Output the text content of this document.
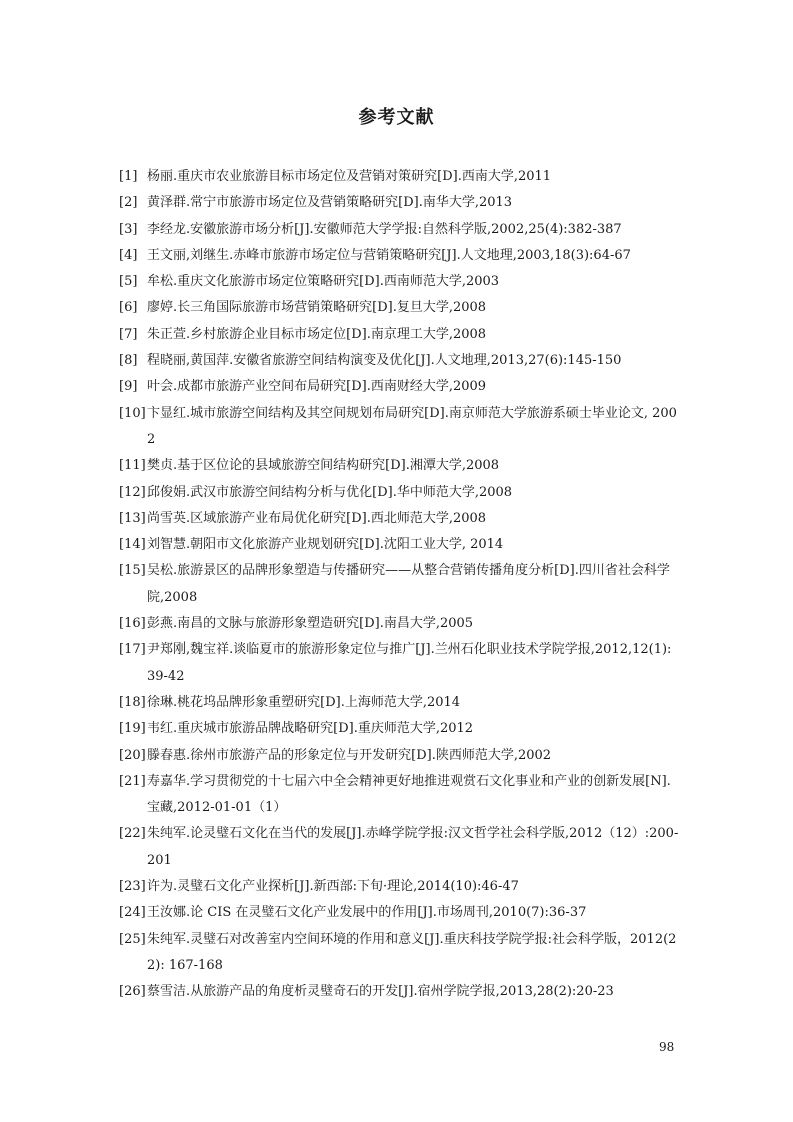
参考文献
[1] 杨丽.重庆市农业旅游目标市场定位及营销对策研究[D].西南大学,2011
[2] 黄泽群.常宁市旅游市场定位及营销策略研究[D].南华大学,2013
[3] 李经龙.安徽旅游市场分析[J].安徽师范大学学报:自然科学版,2002,25(4):382-387
[4] 王文丽,刘继生.赤峰市旅游市场定位与营销策略研究[J].人文地理,2003,18(3):64-67
[5] 牟松.重庆文化旅游市场定位策略研究[D].西南师范大学,2003
[6] 廖婷.长三角国际旅游市场营销策略研究[D].复旦大学,2008
[7] 朱正萱.乡村旅游企业目标市场定位[D].南京理工大学,2008
[8] 程晓丽,黄国萍.安徽省旅游空间结构演变及优化[J].人文地理,2013,27(6):145-150
[9] 叶会.成都市旅游产业空间布局研究[D].西南财经大学,2009
[10] 卞显红.城市旅游空间结构及其空间规划布局研究[D].南京师范大学旅游系硕士毕业论文, 2002
[11] 樊贞.基于区位论的县域旅游空间结构研究[D].湘潭大学,2008
[12] 邱俊娟.武汉市旅游空间结构分析与优化[D].华中师范大学,2008
[13] 尚雪英.区域旅游产业布局优化研究[D].西北师范大学,2008
[14] 刘智慧.朝阳市文化旅游产业规划研究[D].沈阳工业大学, 2014
[15] 吴松.旅游景区的品牌形象塑造与传播研究——从整合营销传播角度分析[D].四川省社会科学院,2008
[16] 彭燕.南昌的文脉与旅游形象塑造研究[D].南昌大学,2005
[17] 尹郑刚,魏宝祥.谈临夏市的旅游形象定位与推广[J].兰州石化职业技术学院学报,2012,12(1):39-42
[18] 徐琳.桃花坞品牌形象重塑研究[D].上海师范大学,2014
[19] 韦红.重庆城市旅游品牌战略研究[D].重庆师范大学,2012
[20] 滕春惠.徐州市旅游产品的形象定位与开发研究[D].陕西师范大学,2002
[21] 寿嘉华.学习贯彻党的十七届六中全会精神更好地推进观赏石文化事业和产业的创新发展[N].宝藏,2012-01-01（1）
[22] 朱纯军.论灵璧石文化在当代的发展[J].赤峰学院学报:汉文哲学社会科学版,2012（12）:200-201
[23] 许为.灵璧石文化产业探析[J].新西部:下旬·理论,2014(10):46-47
[24] 王汝娜.论 CIS 在灵璧石文化产业发展中的作用[J].市场周刊,2010(7):36-37
[25] 朱纯军.灵璧石对改善室内空间环境的作用和意义[J].重庆科技学院学报:社会科学版，2012(22): 167-168
[26] 蔡雪洁.从旅游产品的角度析灵璧奇石的开发[J].宿州学院学报,2013,28(2):20-23

98
